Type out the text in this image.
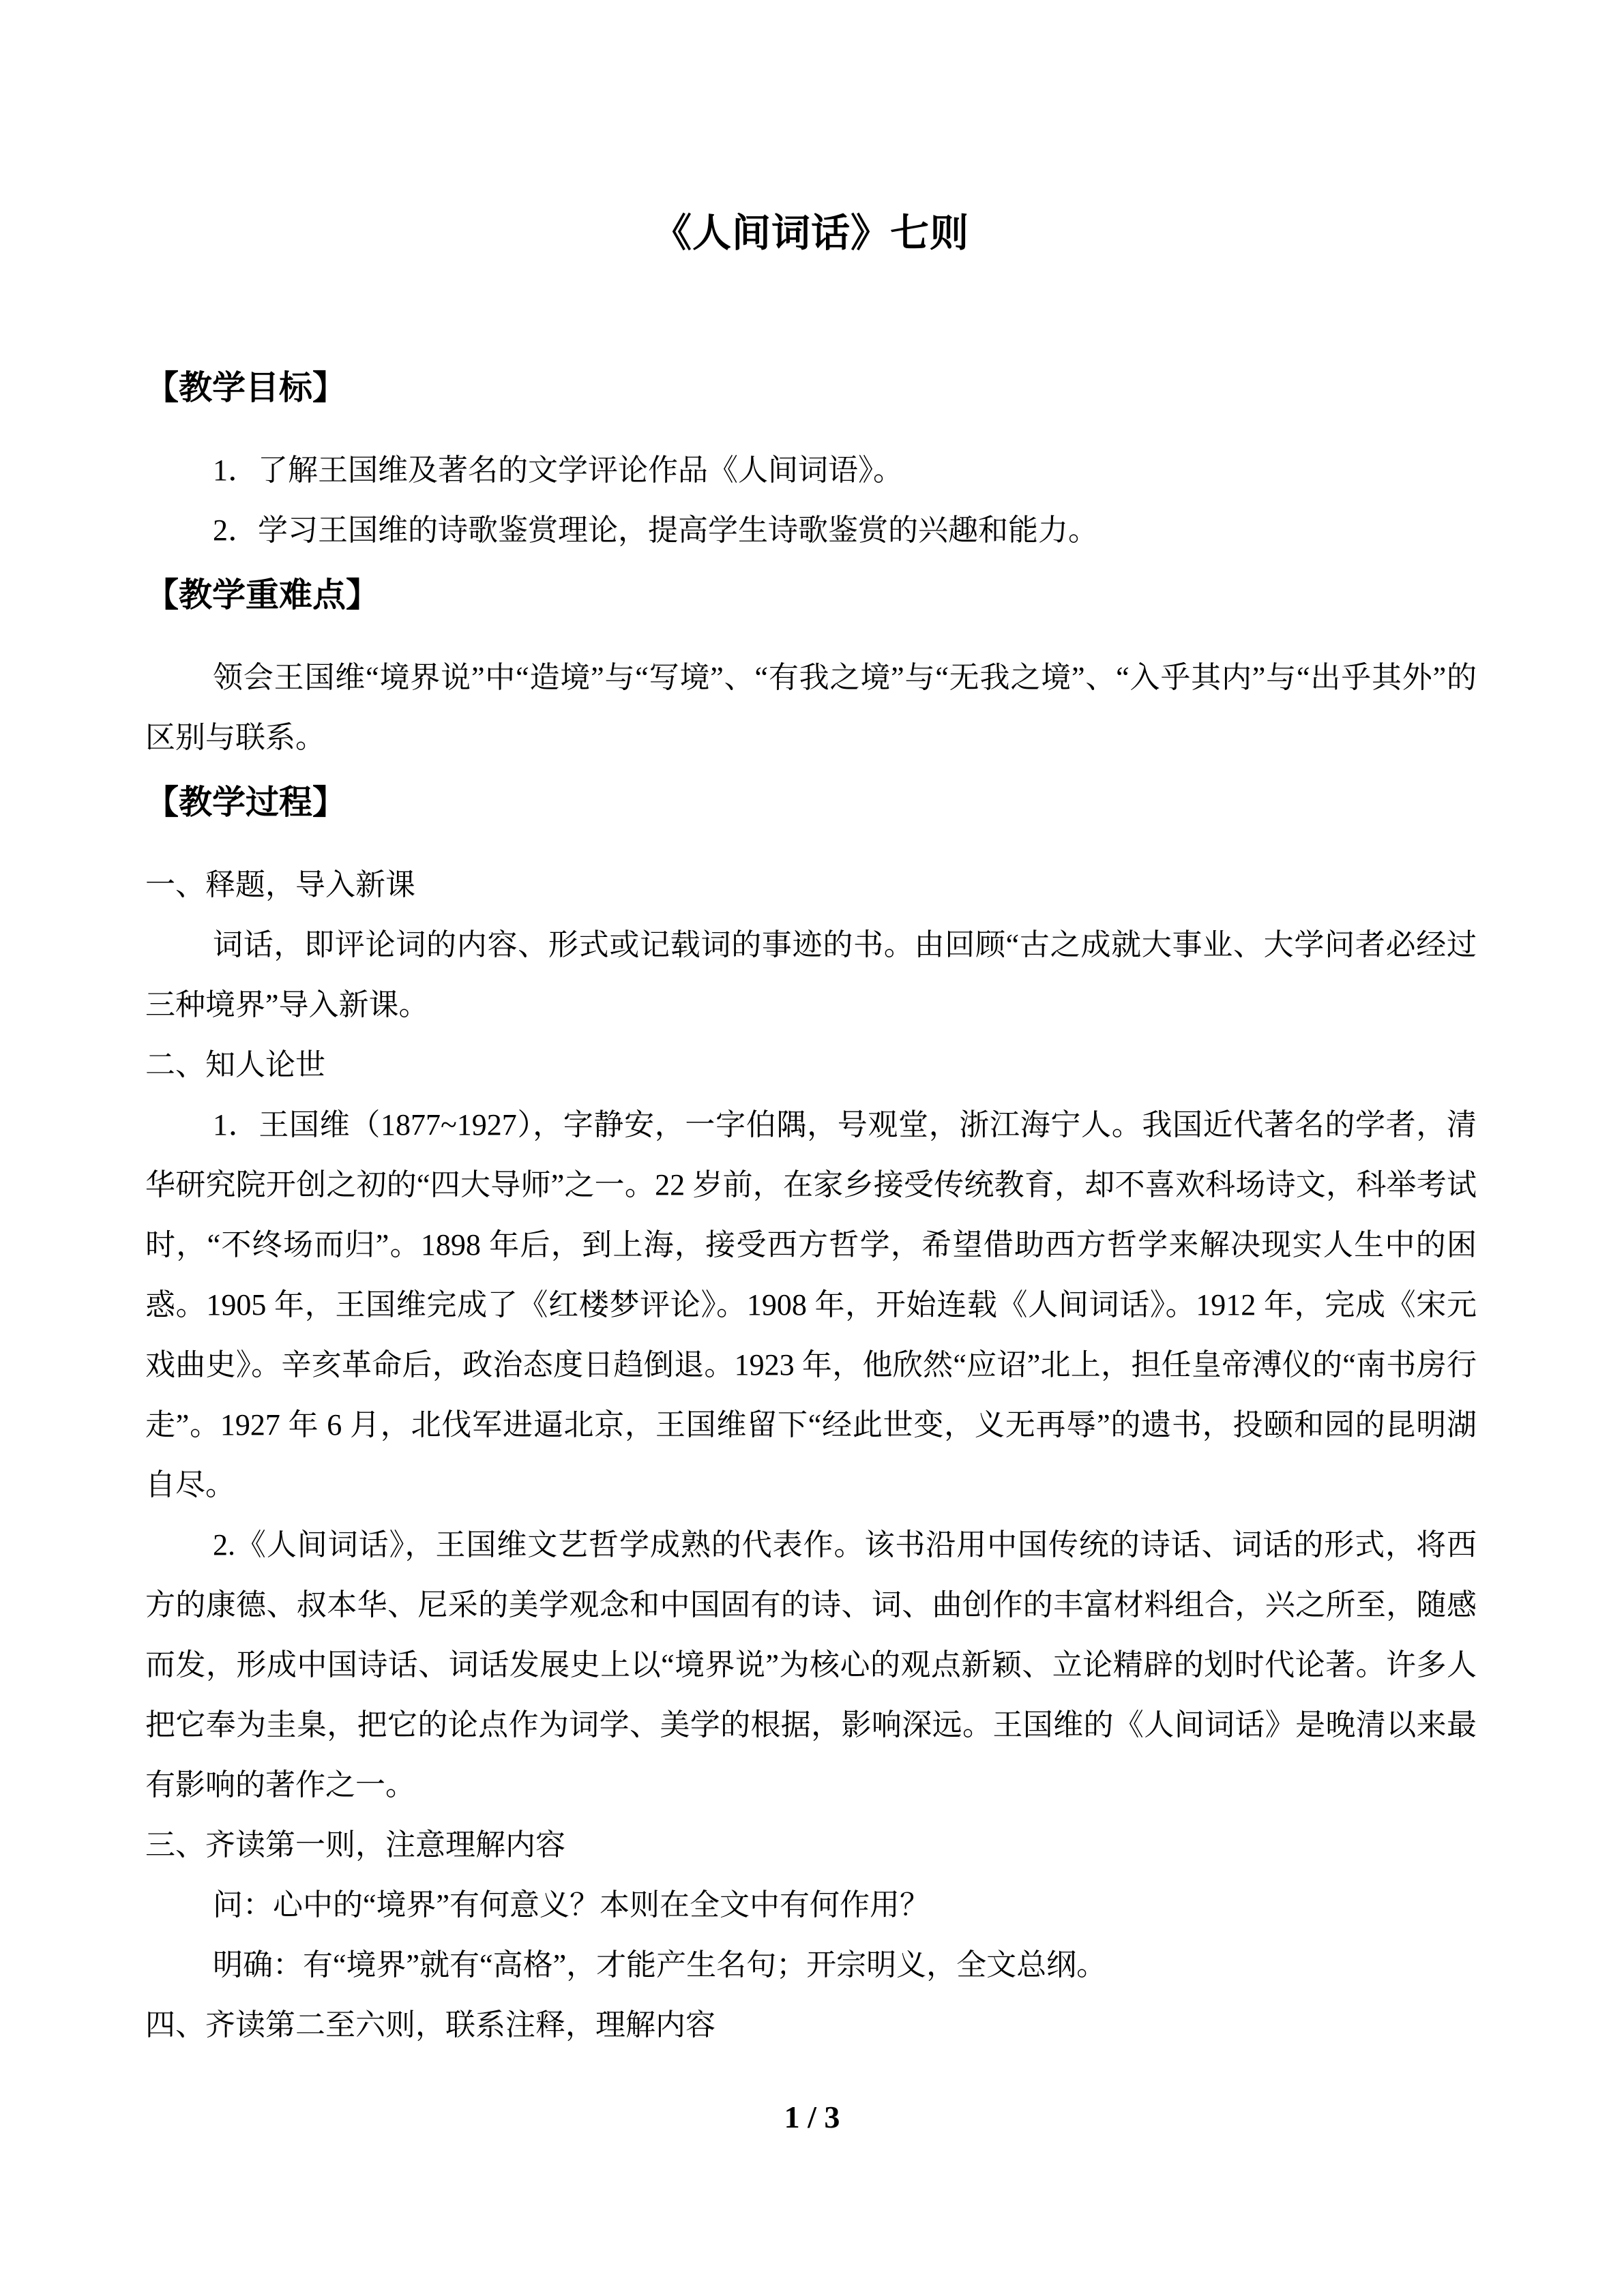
《人间词话》七则
【教学目标】

1．了解王国维及著名的文学评论作品《人间词语》。

2．学习王国维的诗歌鉴赏理论，提高学生诗歌鉴赏的兴趣和能力。

【教学重难点】

领会王国维“境界说”中“造境”与“写境”、“有我之境”与“无我之境”、“入乎其内”与“出乎其外”的区别与联系。

【教学过程】

一、释题，导入新课

词话，即评论词的内容、形式或记载词的事迹的书。由回顾“古之成就大事业、大学问者必经过三种境界”导入新课。

二、知人论世

1．王国维（1877~1927），字静安，一字伯隅，号观堂，浙江海宁人。我国近代著名的学者，清华研究院开创之初的“四大导师”之一。22 岁前，在家乡接受传统教育，却不喜欢科场诗文，科举考试时，“不终场而归”。1898 年后，到上海，接受西方哲学，希望借助西方哲学来解决现实人生中的困惑。1905 年，王国维完成了《红楼梦评论》。1908 年，开始连载《人间词话》。1912 年，完成《宋元戏曲史》。辛亥革命后，政治态度日趋倒退。1923 年，他欣然“应诏”北上，担任皇帝溥仪的“南书房行走”。1927 年 6 月，北伐军进逼北京，王国维留下“经此世变，义无再辱”的遗书，投颐和园的昆明湖自尽。

2.《人间词话》，王国维文艺哲学成熟的代表作。该书沿用中国传统的诗话、词话的形式，将西方的康德、叔本华、尼采的美学观念和中国固有的诗、词、曲创作的丰富材料组合，兴之所至，随感而发，形成中国诗话、词话发展史上以“境界说”为核心的观点新颖、立论精辟的划时代论著。许多人把它奉为圭臬，把它的论点作为词学、美学的根据，影响深远。王国维的《人间词话》是晚清以来最有影响的著作之一。

三、齐读第一则，注意理解内容

问：心中的“境界”有何意义？本则在全文中有何作用？

明确：有“境界”就有“高格”，才能产生名句；开宗明义，全文总纲。

四、齐读第二至六则，联系注释，理解内容

1 / 3
